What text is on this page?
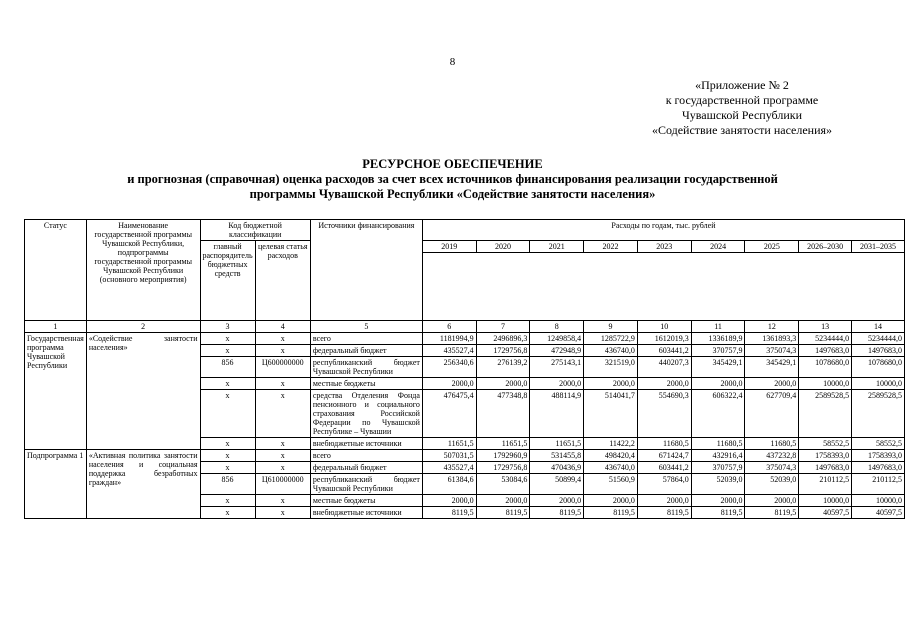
8
«Приложение № 2
к государственной программе
Чувашской Республики
«Содействие занятости населения»
РЕСУРСНОЕ ОБЕСПЕЧЕНИЕ
и прогнозная (справочная) оценка расходов за счет всех источников финансирования реализации государственной
программы Чувашской Республики «Содействие занятости населения»
Статус	Наименование государственной программы Чувашской Республики, подпрограммы государственной программы Чувашской Республики (основного мероприятия)	Код бюджетной классификации		Источники финансирования	Расходы по годам, тыс. рублей								
		главный распорядитель бюджетных средств	целевая статья расходов		2019	2020	2021	2022	2023	2024	2025	2026–2030	2031–2035

1	2	3	4	5	6	7	8	9	10	11	12	13	14
Государственная программа Чувашской Республики	«Содействие занятости населения»	x	x	всего	1181994,9	2496896,3	1249858,4	1285722,9	1612019,3	1336189,9	1361893,3	5234444,0	5234444,0
		x	x	федеральный бюджет	435527,4	1729756,8	472948,9	436740,0	603441,2	370757,9	375074,3	1497683,0	1497683,0
		856	Ц600000000	республиканский бюджет Чувашской Республики	256340,6	276139,2	275143,1	321519,0	440207,3	345429,1	345429,1	1078680,0	1078680,0
		x	x	местные бюджеты	2000,0	2000,0	2000,0	2000,0	2000,0	2000,0	2000,0	10000,0	10000,0
		x	x	средства Отделения Фонда пенсионного и социального страхования Российской Федерации по Чувашской Республике – Чувашии	476475,4	477348,8	488114,9	514041,7	554690,3	606322,4	627709,4	2589528,5	2589528,5
		x	x	внебюджетные источники	11651,5	11651,5	11651,5	11422,2	11680,5	11680,5	11680,5	58552,5	58552,5
Подпрограмма 1	«Активная политика занятости населения и социальная поддержка безработных граждан»	x	x	всего	507031,5	1792960,9	531455,8	498420,4	671424,7	432916,4	437232,8	1758393,0	1758393,0
		x	x	федеральный бюджет	435527,4	1729756,8	470436,9	436740,0	603441,2	370757,9	375074,3	1497683,0	1497683,0
		856	Ц610000000	республиканский бюджет Чувашской Республики	61384,6	53084,6	50899,4	51560,9	57864,0	52039,0	52039,0	210112,5	210112,5
		x	x	местные бюджеты	2000,0	2000,0	2000,0	2000,0	2000,0	2000,0	2000,0	10000,0	10000,0
		x	x	внебюджетные источники	8119,5	8119,5	8119,5	8119,5	8119,5	8119,5	8119,5	40597,5	40597,5
